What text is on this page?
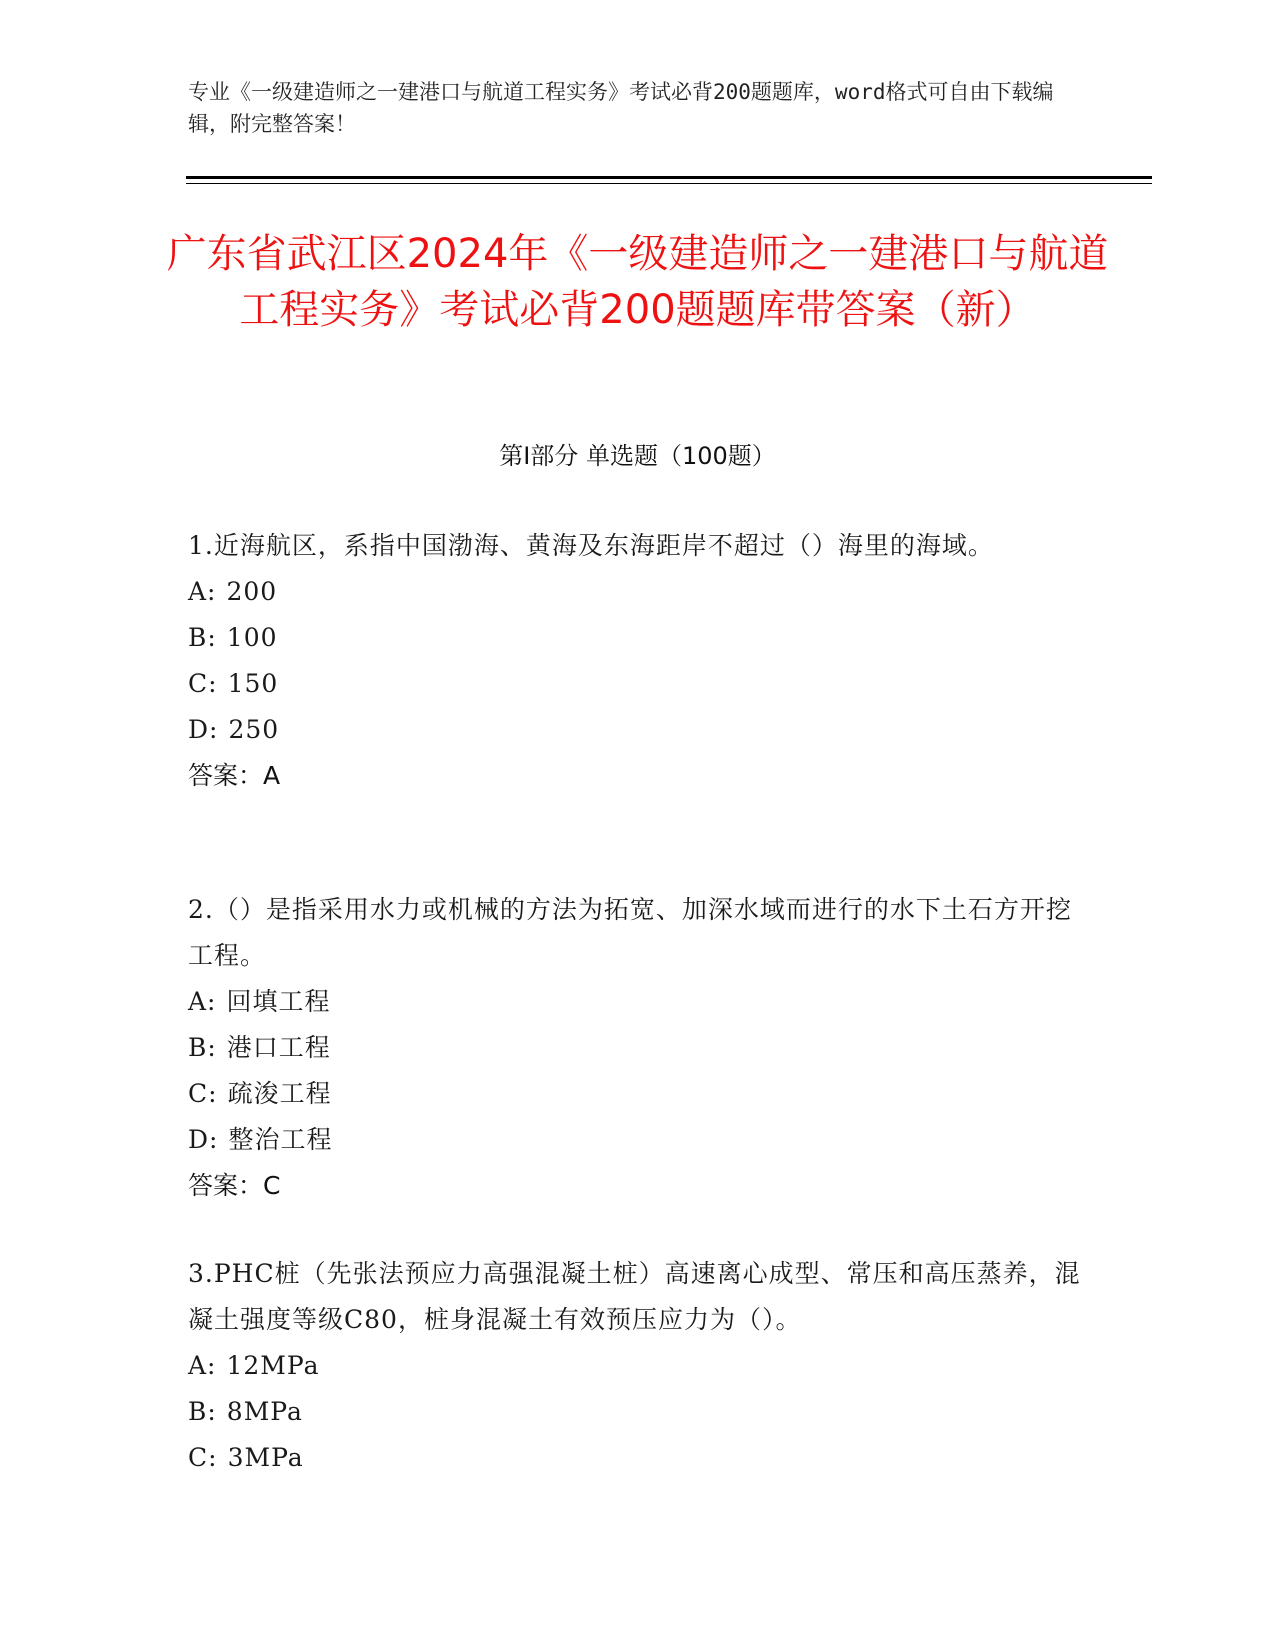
专业《一级建造师之一建港口与航道工程实务》考试必背200题题库，word格式可自由下载编辑，附完整答案！
广东省武江区2024年《一级建造师之一建港口与航道工程实务》考试必背200题题库带答案（新）
第I部分 单选题（100题）

1.近海航区，系指中国渤海、黄海及东海距岸不超过（）海里的海域。

A: 200

B: 100

C: 150

D: 250

答案：A

2.（）是指采用水力或机械的方法为拓宽、加深水域而进行的水下土石方开挖工程。

A: 回填工程

B: 港口工程

C: 疏浚工程

D: 整治工程

答案：C

3.PHC桩（先张法预应力高强混凝土桩）高速离心成型、常压和高压蒸养，混凝土强度等级C80，桩身混凝土有效预压应力为（）。

A: 12MPa

B: 8MPa

C: 3MPa
